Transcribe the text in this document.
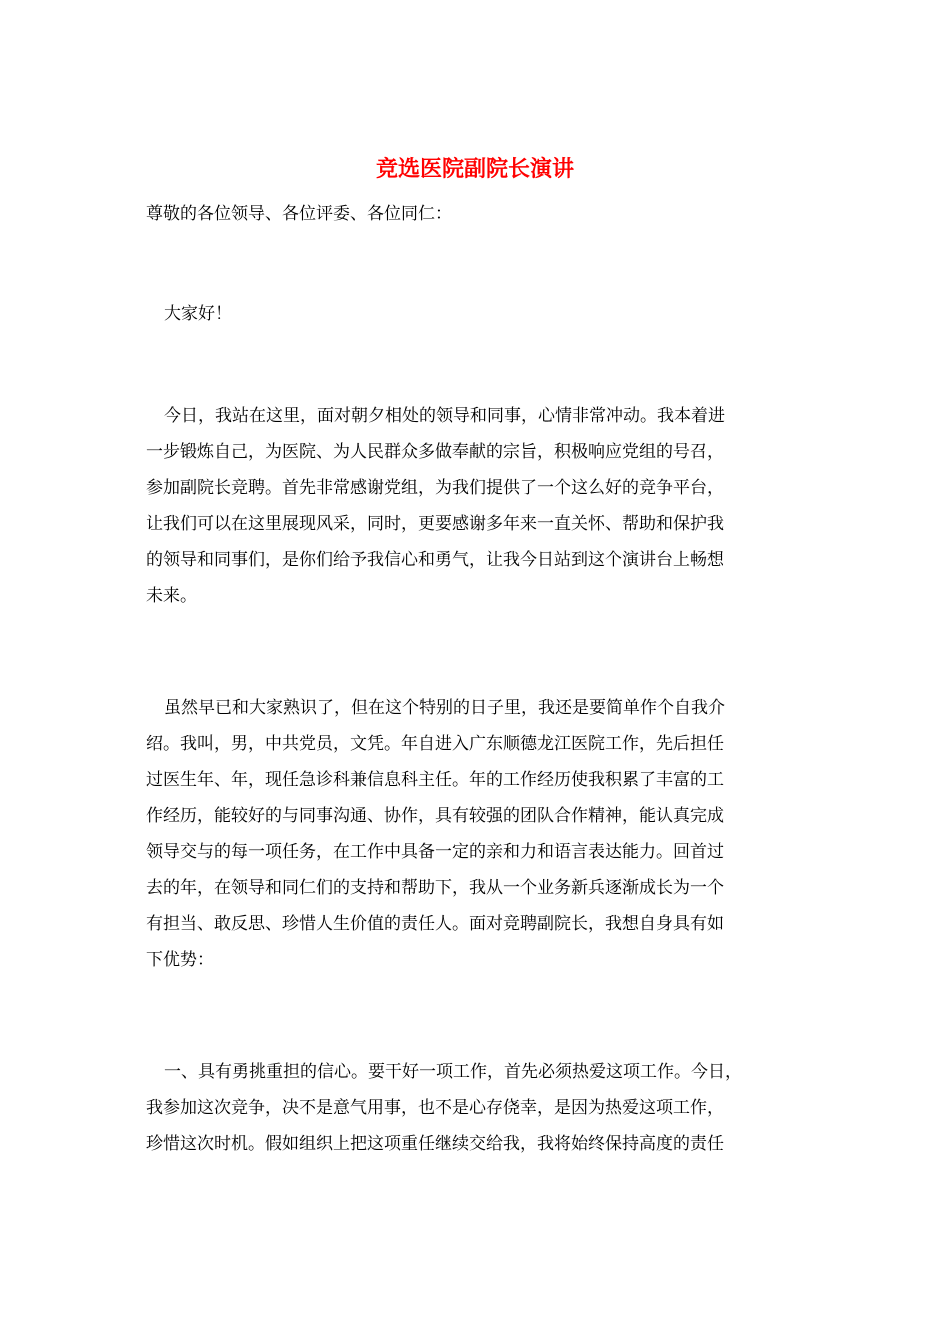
竞选医院副院长演讲

尊敬的各位领导、各位评委、各位同仁：

大家好！

今日，我站在这里，面对朝夕相处的领导和同事，心情非常冲动。我本着进
一步锻炼自己，为医院、为人民群众多做奉献的宗旨，积极响应党组的号召，
参加副院长竞聘。首先非常感谢党组，为我们提供了一个这么好的竞争平台，
让我们可以在这里展现风采，同时，更要感谢多年来一直关怀、帮助和保护我
的领导和同事们，是你们给予我信心和勇气，让我今日站到这个演讲台上畅想
未来。
虽然早已和大家熟识了，但在这个特别的日子里，我还是要简单作个自我介
绍。我叫，男，中共党员，文凭。年自进入广东顺德龙江医院工作，先后担任
过医生年、年，现任急诊科兼信息科主任。年的工作经历使我积累了丰富的工
作经历，能较好的与同事沟通、协作，具有较强的团队合作精神，能认真完成
领导交与的每一项任务，在工作中具备一定的亲和力和语言表达能力。回首过
去的年，在领导和同仁们的支持和帮助下，我从一个业务新兵逐渐成长为一个
有担当、敢反思、珍惜人生价值的责任人。面对竞聘副院长，我想自身具有如
下优势：
一、具有勇挑重担的信心。要干好一项工作，首先必须热爱这项工作。今日，
我参加这次竞争，决不是意气用事，也不是心存侥幸，是因为热爱这项工作，
珍惜这次时机。假如组织上把这项重任继续交给我，我将始终保持高度的责任
